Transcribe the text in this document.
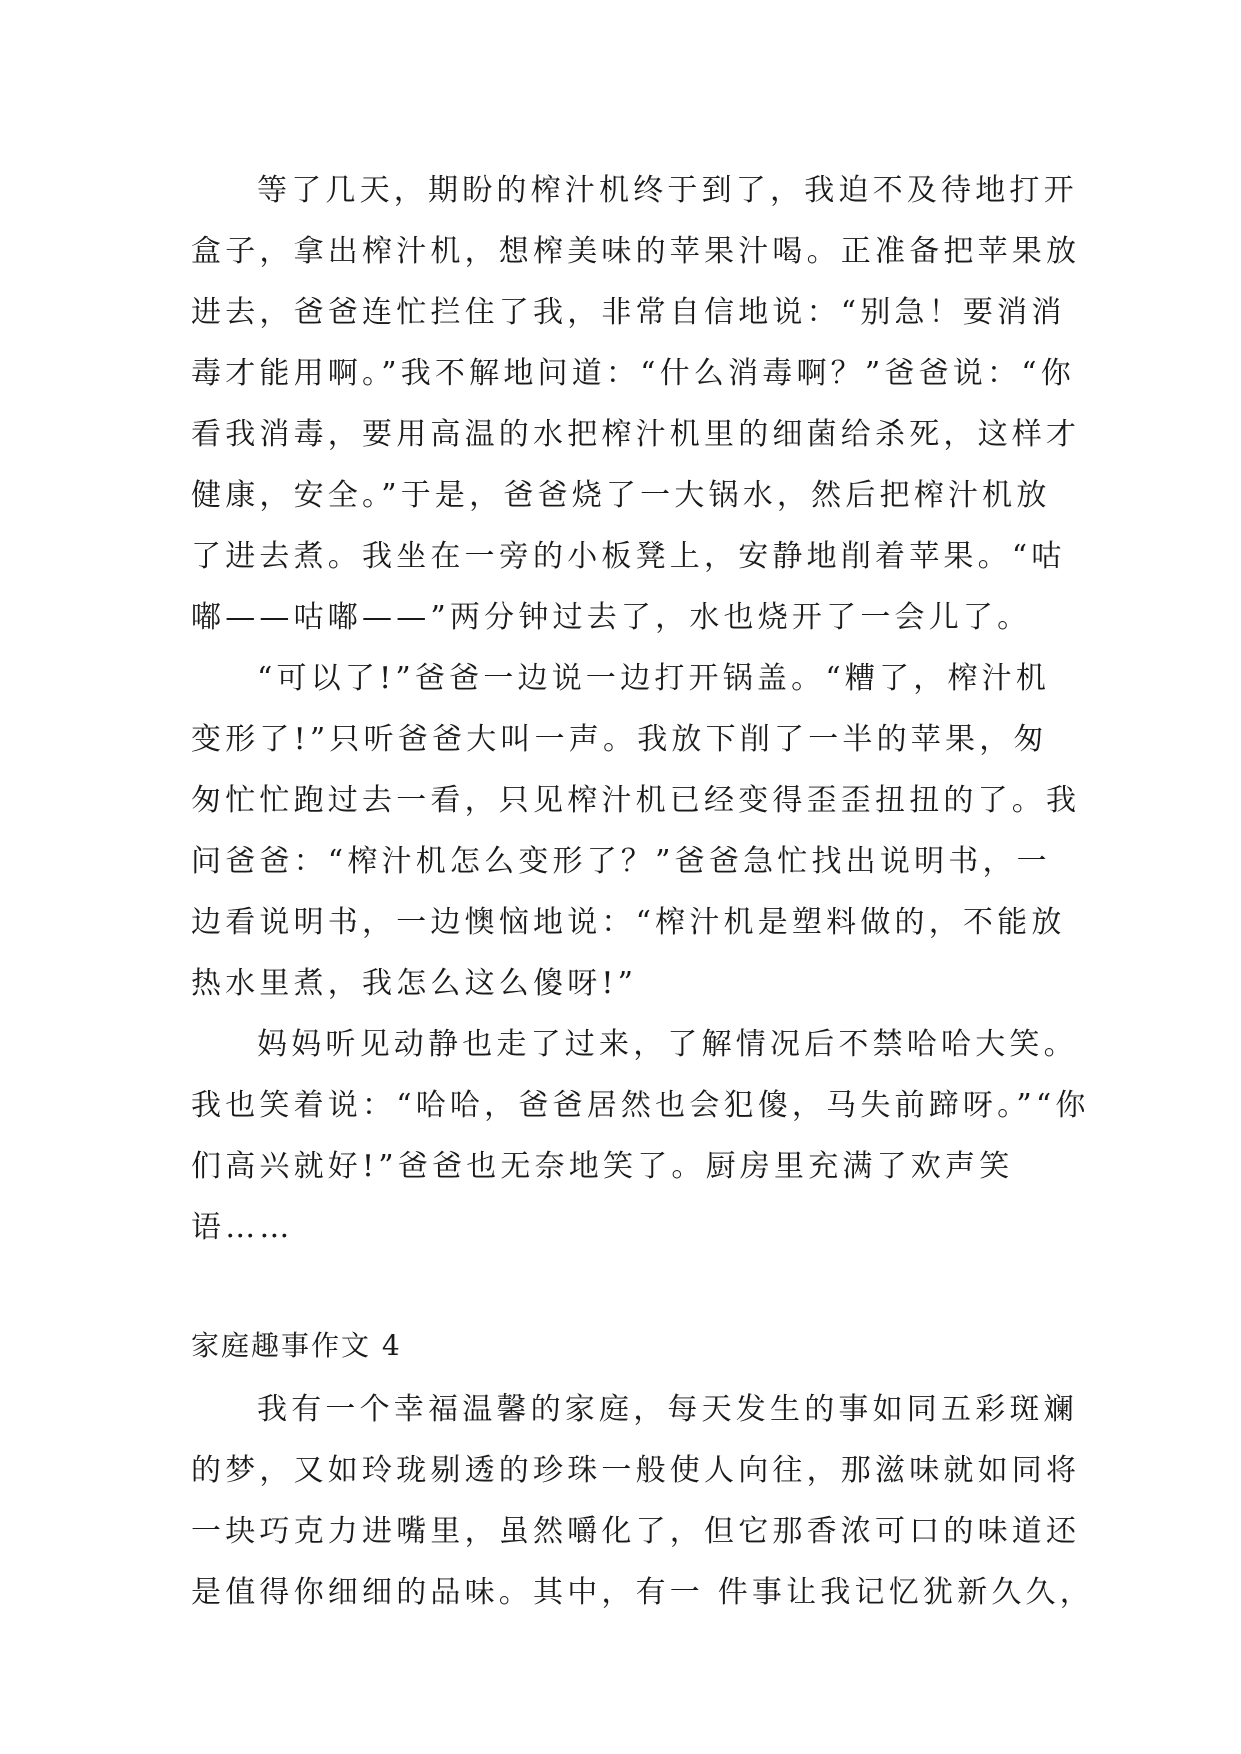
等了几天，期盼的榨汁机终于到了，我迫不及待地打开
盒子，拿出榨汁机，想榨美味的苹果汁喝。正准备把苹果放
进去，爸爸连忙拦住了我，非常自信地说：“别急！要消消
毒才能用啊。”我不解地问道：“什么消毒啊？”爸爸说：“你
看我消毒，要用高温的水把榨汁机里的细菌给杀死，这样才
健康，安全。”于是，爸爸烧了一大锅水，然后把榨汁机放
了进去煮。我坐在一旁的小板凳上，安静地削着苹果。“咕
嘟——咕嘟——”两分钟过去了，水也烧开了一会儿了。
“可以了!”爸爸一边说一边打开锅盖。“糟了，榨汁机
变形了!”只听爸爸大叫一声。我放下削了一半的苹果，匆
匆忙忙跑过去一看，只见榨汁机已经变得歪歪扭扭的了。我
问爸爸：“榨汁机怎么变形了？”爸爸急忙找出说明书，一
边看说明书，一边懊恼地说：“榨汁机是塑料做的，不能放
热水里煮，我怎么这么傻呀!”
妈妈听见动静也走了过来，了解情况后不禁哈哈大笑。
我也笑着说：“哈哈，爸爸居然也会犯傻，马失前蹄呀。”“你
们高兴就好!”爸爸也无奈地笑了。厨房里充满了欢声笑
语……
家庭趣事作文 4
我有一个幸福温馨的家庭，每天发生的事如同五彩斑斓
的梦，又如玲珑剔透的珍珠一般使人向往，那滋味就如同将
一块巧克力进嘴里，虽然嚼化了，但它那香浓可口的味道还
是值得你细细的品味。其中，有一 件事让我记忆犹新久久，
